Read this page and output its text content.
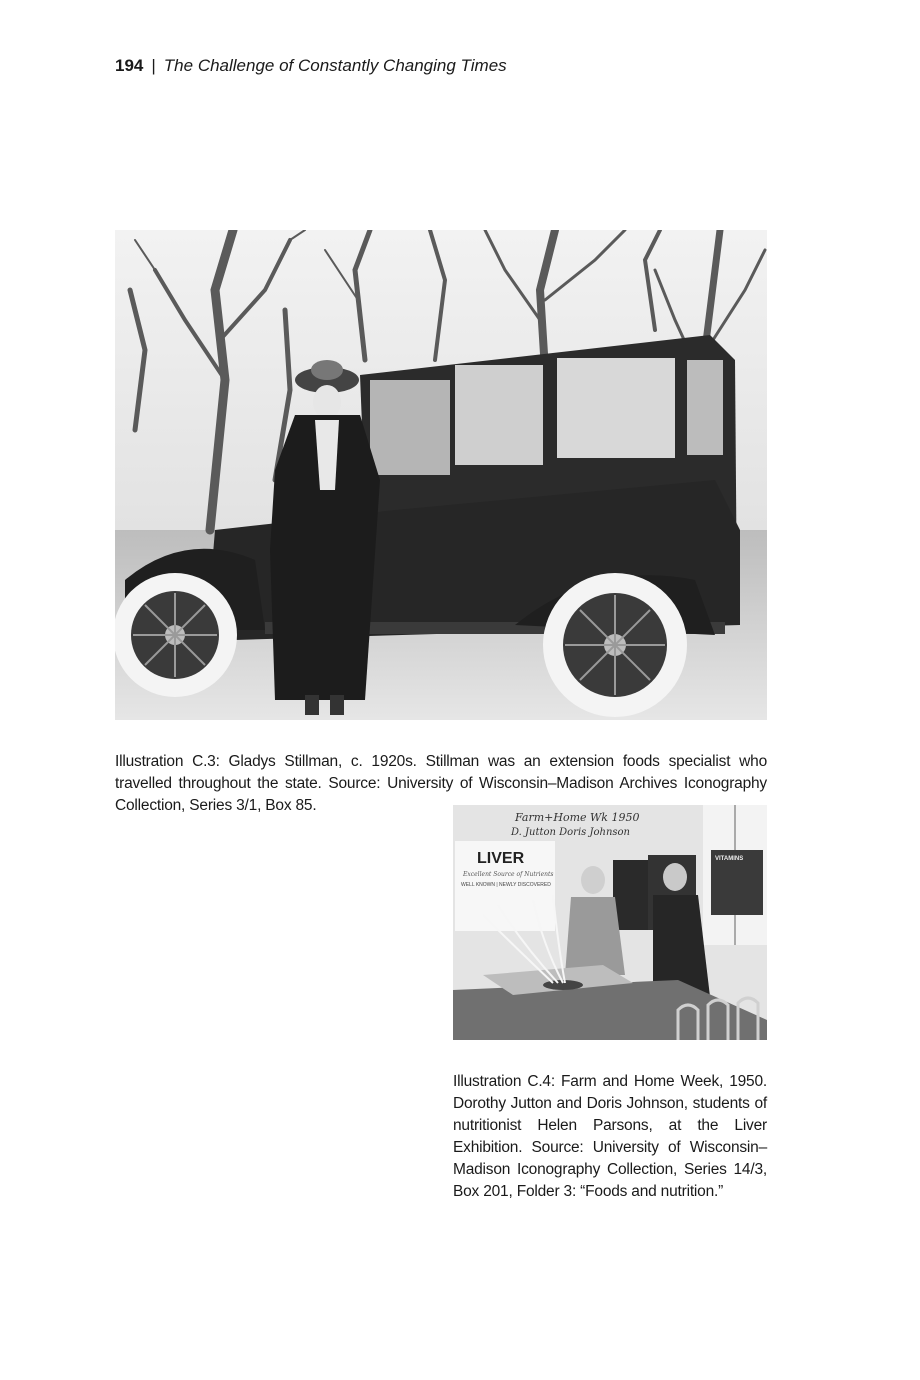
194 | The Challenge of Constantly Changing Times

Illustration C.3: Gladys Stillman, c. 1920s. Stillman was an extension foods specialist who travelled throughout the state. Source: University of Wisconsin–Madison Archives Iconography Collection, Series 3/1, Box 85.

Farm+Home Wk 1950
D. Jutton Doris Johnson
LIVER
Excellent Source of Nutrients
WELL KNOWN | NEWLY DISCOVERED
VITAMINS

Illustration C.4: Farm and Home Week, 1950. Dorothy Jutton and Doris Johnson, students of nutritionist Helen Parsons, at the Liver Exhibition. Source: University of Wisconsin–Madison Iconography Collection, Series 14/3, Box 201, Folder 3: “Foods and nutrition.”
